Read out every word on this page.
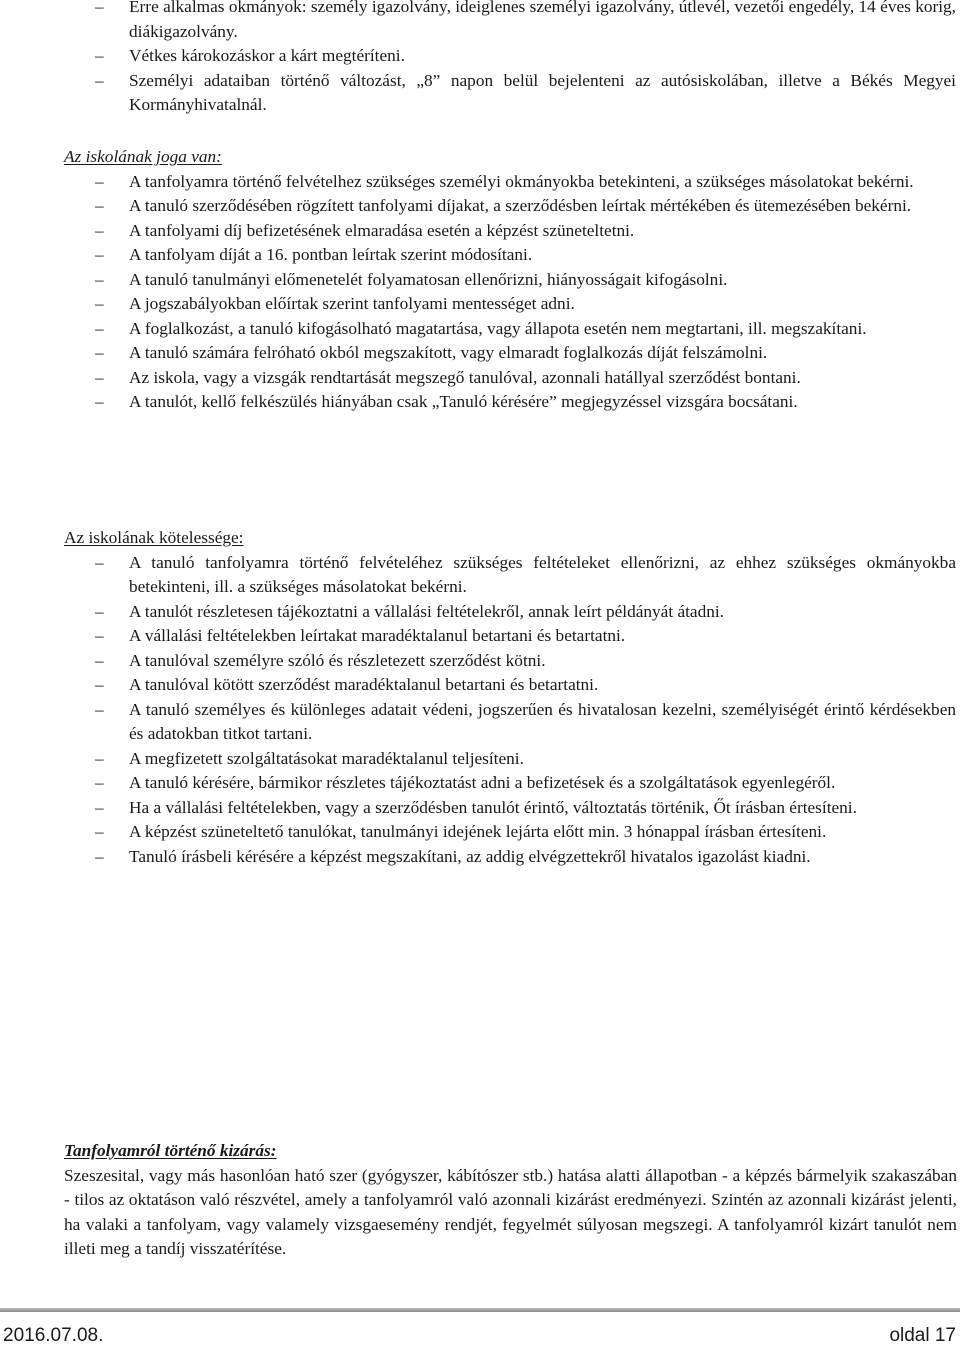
– Erre alkalmas okmányok: személy igazolvány, ideiglenes személyi igazolvány, útlevél, vezetői engedély, 14 éves korig, diákigazolvány.
– Vétkes károkozáskor a kárt megtéríteni.
– Személyi adataiban történő változást, „8” napon belül bejelenteni az autósiskolában, illetve a Békés Megyei Kormányhivatalnál.

Az iskolának joga van:

– A tanfolyamra történő felvételhez szükséges személyi okmányokba betekinteni, a szükséges másolatokat bekérni.
– A tanuló szerződésében rögzített tanfolyami díjakat, a szerződésben leírtak mértékében és ütemezésében bekérni.
– A tanfolyami díj befizetésének elmaradása esetén a képzést szüneteltetni.
– A tanfolyam díját a 16. pontban leírtak szerint módosítani.
– A tanuló tanulmányi előmenetelét folyamatosan ellenőrizni, hiányosságait kifogásolni.
– A jogszabályokban előírtak szerint tanfolyami mentességet adni.
– A foglalkozást, a tanuló kifogásolható magatartása, vagy állapota esetén nem megtartani, ill. megszakítani.
– A tanuló számára felróható okból megszakított, vagy elmaradt foglalkozás díját felszámolni.
– Az iskola, vagy a vizsgák rendtartását megszegő tanulóval, azonnali hatállyal szerződést bontani.
– A tanulót, kellő felkészülés hiányában csak „Tanuló kérésére” megjegyzéssel vizsgára bocsátani.

Az iskolának kötelessége:

– A tanuló tanfolyamra történő felvételéhez szükséges feltételeket ellenőrizni, az ehhez szükséges okmányokba betekinteni, ill. a szükséges másolatokat bekérni.
– A tanulót részletesen tájékoztatni a vállalási feltételekről, annak leírt példányát átadni.
– A vállalási feltételekben leírtakat maradéktalanul betartani és betartatni.
– A tanulóval személyre szóló és részletezett szerződést kötni.
– A tanulóval kötött szerződést maradéktalanul betartani és betartatni.
– A tanuló személyes és különleges adatait védeni, jogszerűen és hivatalosan kezelni, személyiségét érintő kérdésekben és adatokban titkot tartani.
– A megfizetett szolgáltatásokat maradéktalanul teljesíteni.
– A tanuló kérésére, bármikor részletes tájékoztatást adni a befizetések és a szolgáltatások egyenlegéről.
– Ha a vállalási feltételekben, vagy a szerződésben tanulót érintő, változtatás történik, Őt írásban értesíteni.
– A képzést szüneteltető tanulókat, tanulmányi idejének lejárta előtt min. 3 hónappal írásban értesíteni.
– Tanuló írásbeli kérésére a képzést megszakítani, az addig elvégzettekről hivatalos igazolást kiadni.

Tanfolyamról történő kizárás:

Szeszesital, vagy más hasonlóan ható szer (gyógyszer, kábítószer stb.) hatása alatti állapotban - a képzés bármelyik szakaszában - tilos az oktatáson való részvétel, amely a tanfolyamról való azonnali kizárást eredményezi. Szintén az azonnali kizárást jelenti, ha valaki a tanfolyam, vagy valamely vizsgaesemény rendjét, fegyelmét súlyosan megszegi. A tanfolyamról kizárt tanulót nem illeti meg a tandíj visszatérítése.

2016.07.08.	oldal 17
